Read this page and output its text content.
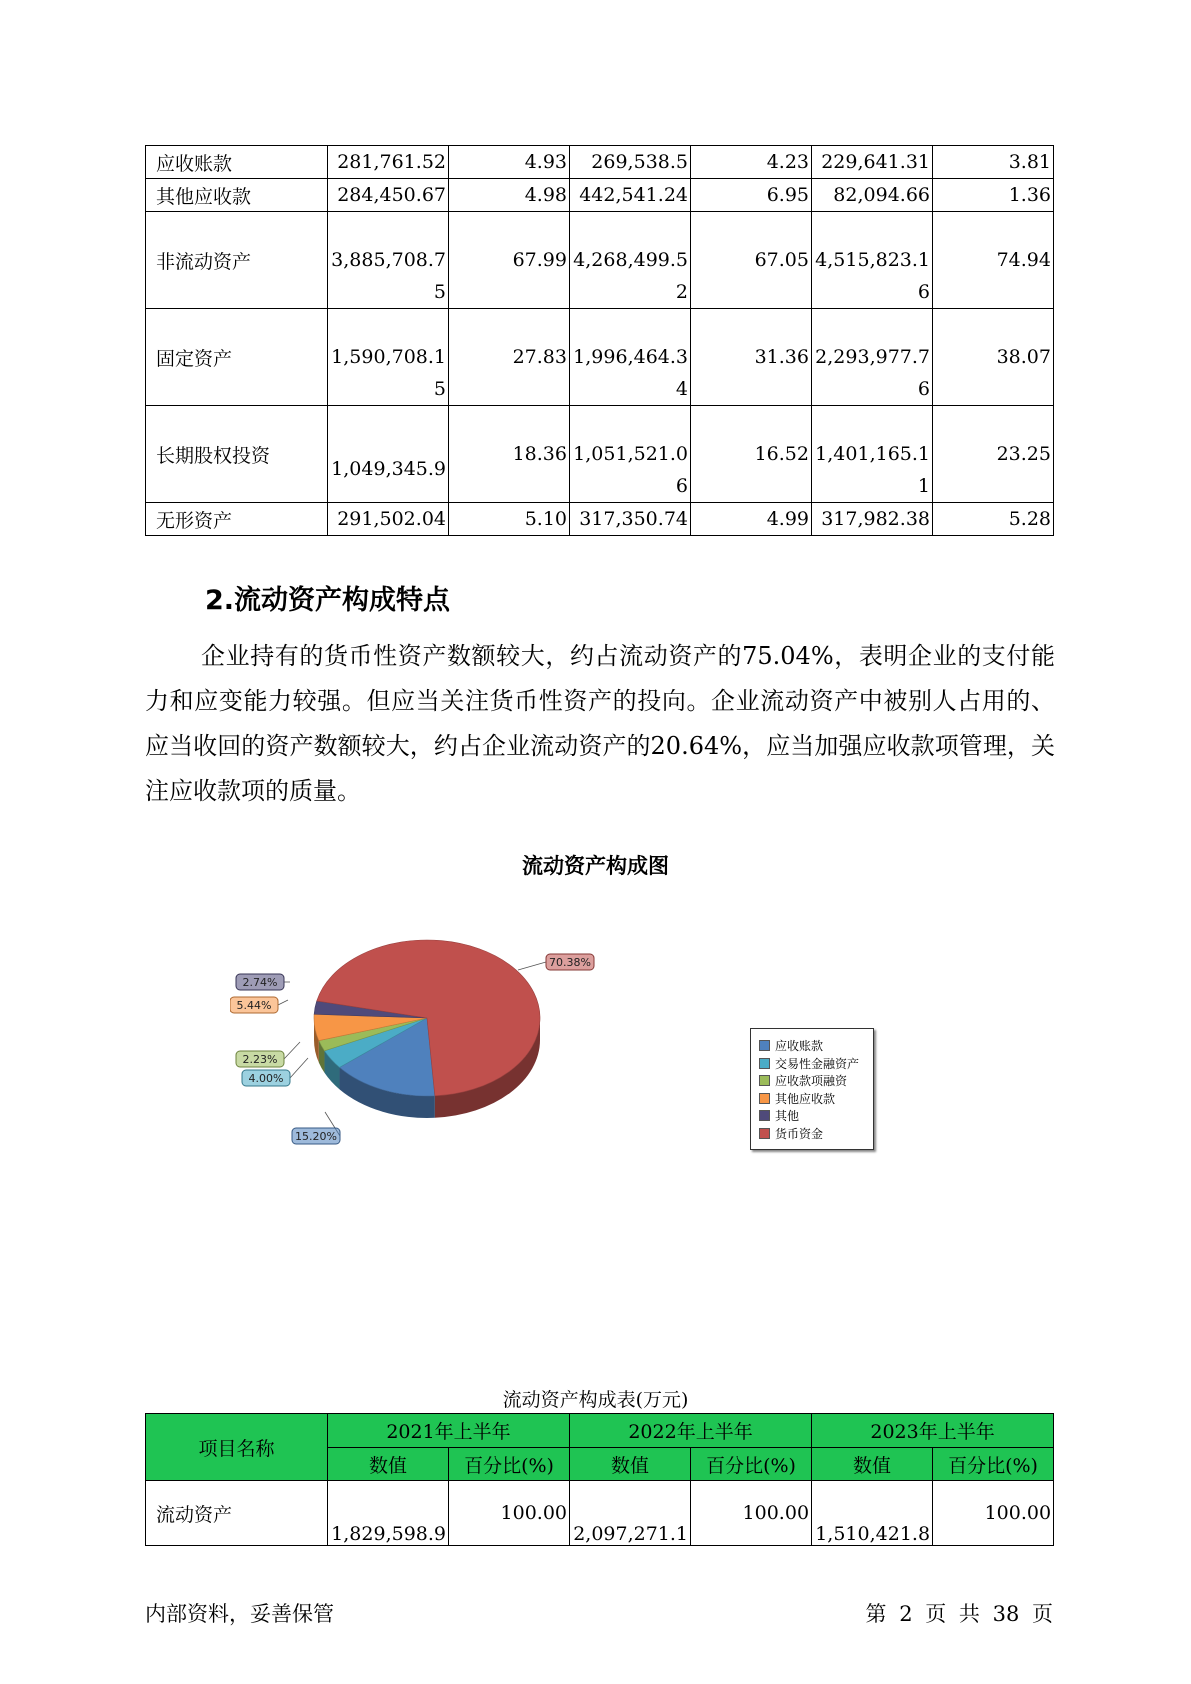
应收账款	281,761.52	4.93	269,538.5	4.23	229,641.31	3.81
其他应收款	284,450.67	4.98	442,541.24	6.95	82,094.66	1.36
非流动资产	3,885,708.75	67.99	4,268,499.52	67.05	4,515,823.16	74.94
固定资产	1,590,708.15	27.83	1,996,464.34	31.36	2,293,977.76	38.07
长期股权投资	1,049,345.9	18.36	1,051,521.06	16.52	1,401,165.11	23.25
无形资产	291,502.04	5.10	317,350.74	4.99	317,982.38	5.28
2.流动资产构成特点

企业持有的货币性资产数额较大，约占流动资产的75.04%，表明企业的支付能力和应变能力较强。但应当关注货币性资产的投向。企业流动资产中被别人占用的、应当收回的资产数额较大，约占企业流动资产的20.64%，应当加强应收款项管理，关注应收款项的质量。

流动资产构成图
15.20%
4.00%
2.23%
5.44%
2.74%
70.38%
应收账款
交易性金融资产
应收款项融资
其他应收款
其他
货币资金
流动资产构成表(万元)
项目名称	2021年上半年		2022年上半年		2023年上半年	
	数值	百分比(%)	数值	百分比(%)	数值	百分比(%)
流动资产	1,829,598.9	100.00	2,097,271.1	100.00	1,510,421.8	100.00
内部资料，妥善保管	第 2 页 共 38 页
